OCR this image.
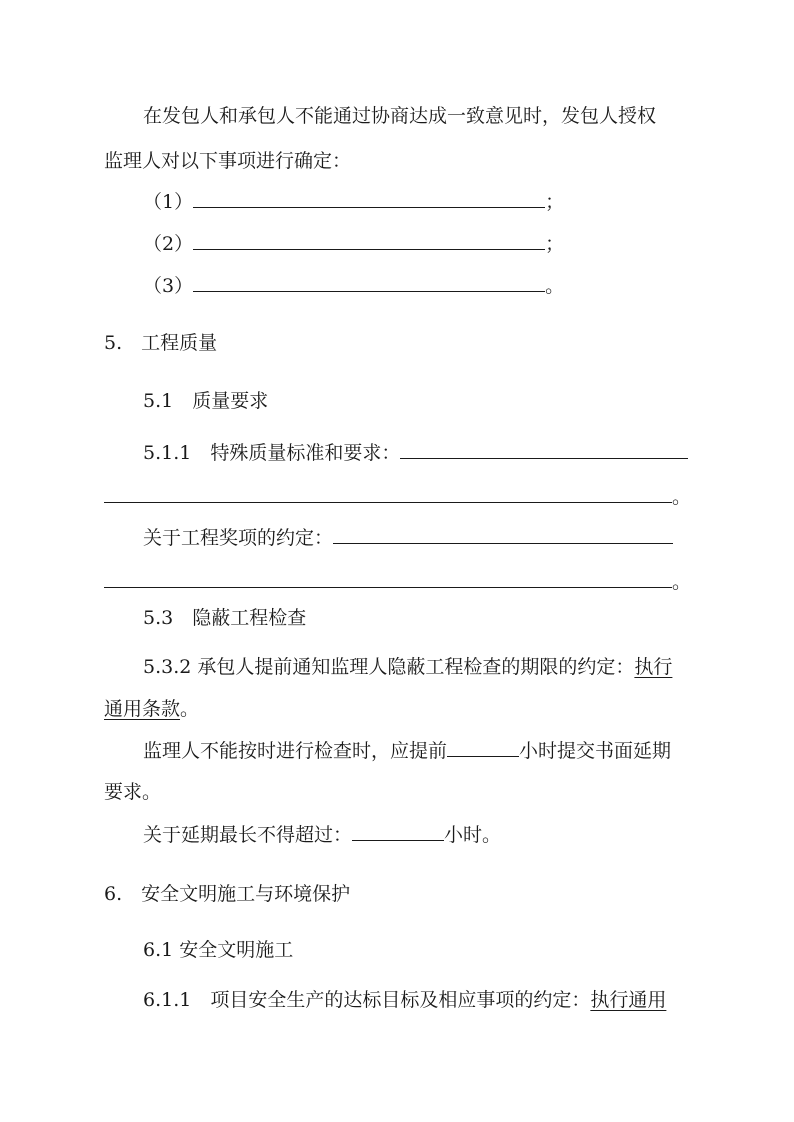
在发包人和承包人不能通过协商达成一致意见时，发包人授权
监理人对以下事项进行确定：
（1）	；
（2）	；
（3）	。
5.　工程质量
5.1　质量要求
5.1.1　特殊质量标准和要求：
。
关于工程奖项的约定：
。
5.3　隐蔽工程检查
5.3.2 承包人提前通知监理人隐蔽工程检查的期限的约定：执行
通用条款。
监理人不能按时进行检查时，应提前	小时提交书面延期
要求。
关于延期最长不得超过：	小时。
6.　安全文明施工与环境保护
6.1 安全文明施工
6.1.1　项目安全生产的达标目标及相应事项的约定：执行通用
